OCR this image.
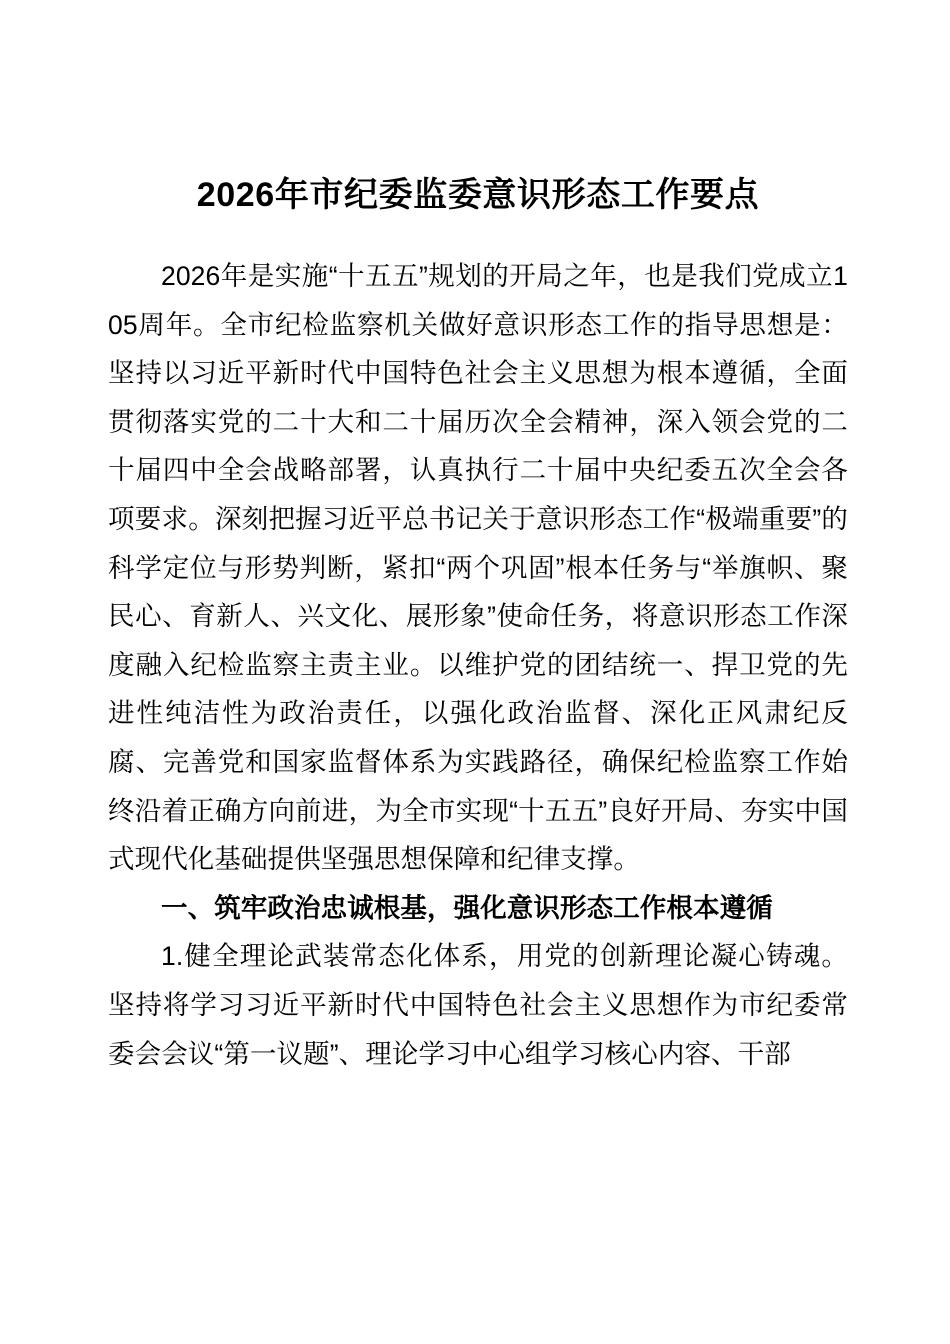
2026年市纪委监委意识形态工作要点

2026年是实施“十五五”规划的开局之年，也是我们党成立105周年。全市纪检监察机关做好意识形态工作的指导思想是：坚持以习近平新时代中国特色社会主义思想为根本遵循，全面贯彻落实党的二十大和二十届历次全会精神，深入领会党的二十届四中全会战略部署，认真执行二十届中央纪委五次全会各项要求。深刻把握习近平总书记关于意识形态工作“极端重要”的科学定位与形势判断，紧扣“两个巩固”根本任务与“举旗帜、聚民心、育新人、兴文化、展形象”使命任务，将意识形态工作深度融入纪检监察主责主业。以维护党的团结统一、捍卫党的先进性纯洁性为政治责任，以强化政治监督、深化正风肃纪反腐、完善党和国家监督体系为实践路径，确保纪检监察工作始终沿着正确方向前进，为全市实现“十五五”良好开局、夯实中国式现代化基础提供坚强思想保障和纪律支撑。

一、筑牢政治忠诚根基，强化意识形态工作根本遵循

1.健全理论武装常态化体系，用党的创新理论凝心铸魂。坚持将学习习近平新时代中国特色社会主义思想作为市纪委常委会会议“第一议题”、理论学习中心组学习核心内容、干部
